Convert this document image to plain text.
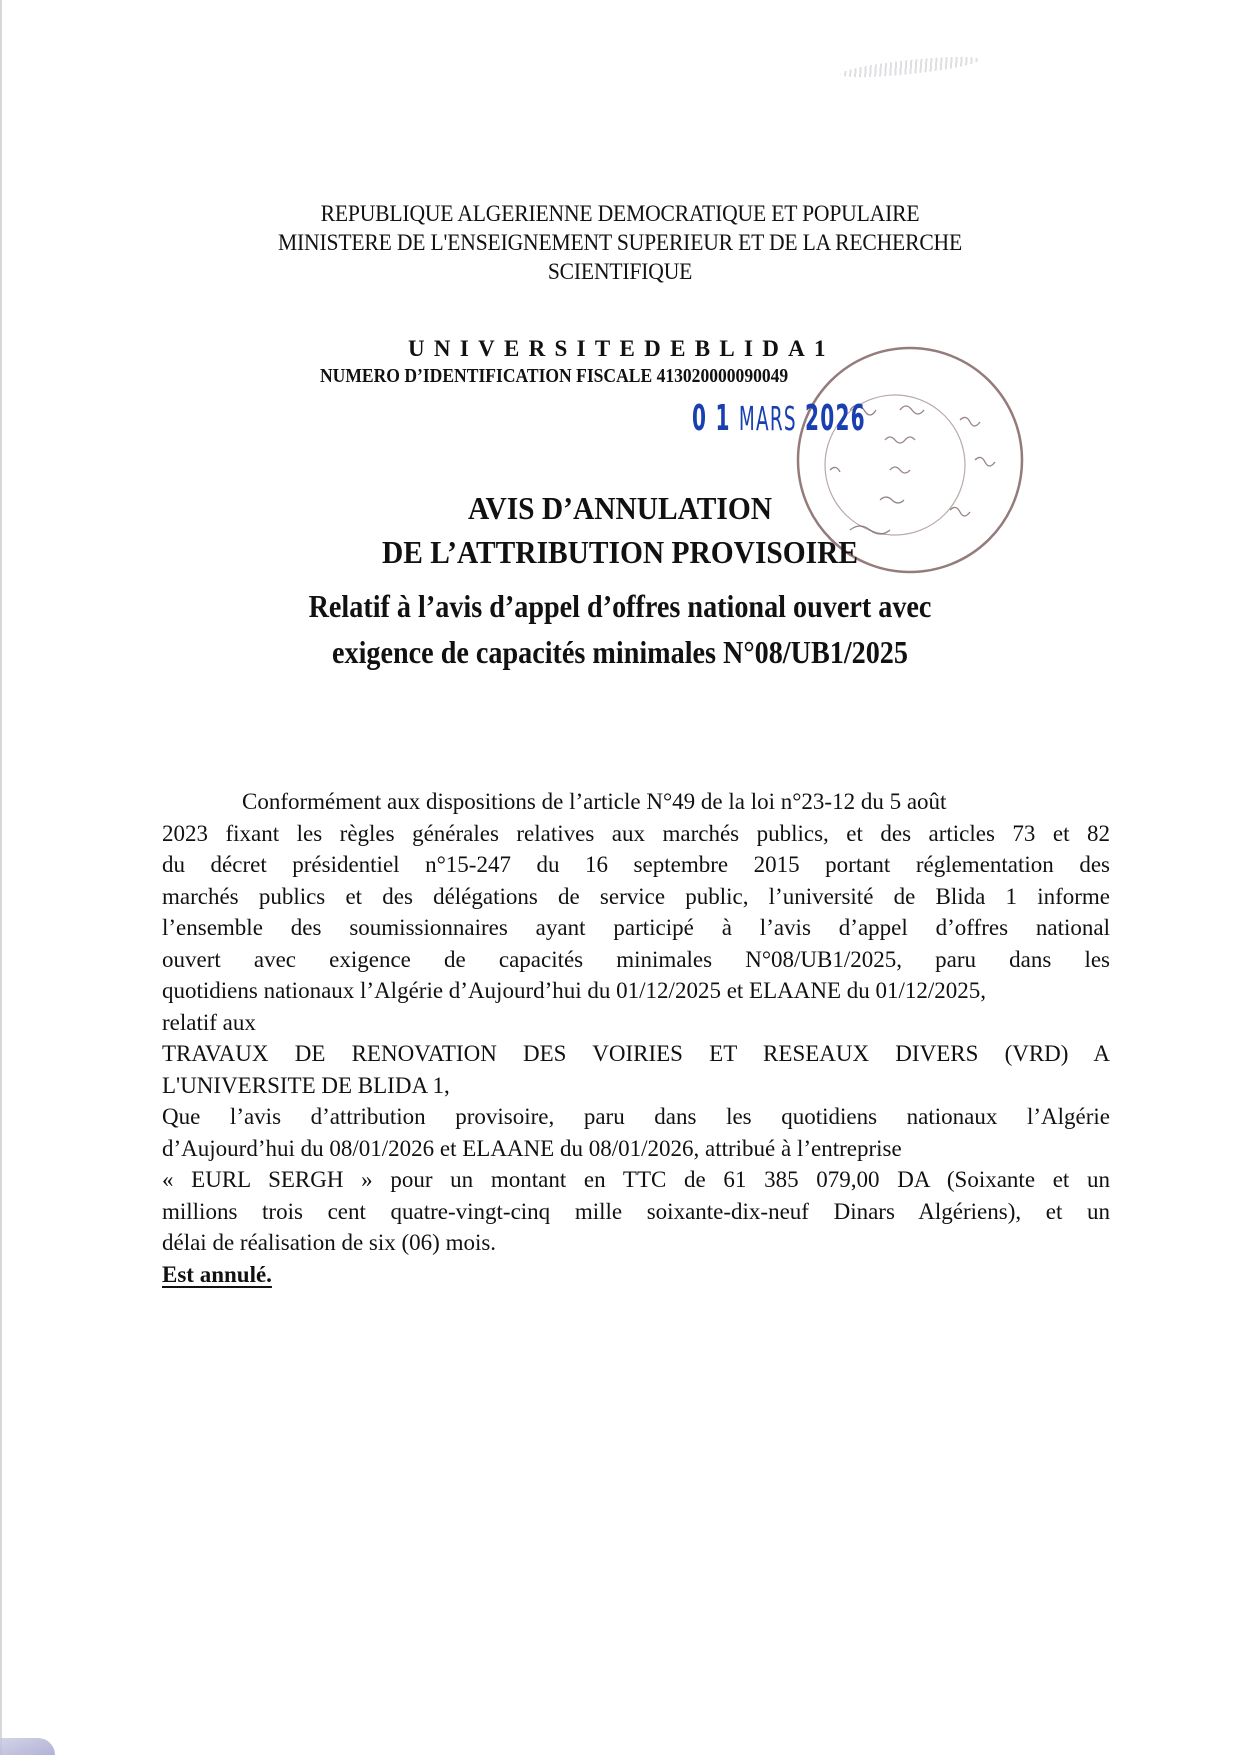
REPUBLIQUE ALGERIENNE DEMOCRATIQUE ET POPULAIRE
MINISTERE DE L'ENSEIGNEMENT SUPERIEUR ET DE LA RECHERCHE
SCIENTIFIQUE
UNIVERSITEDEBLIDA1
NUMERO D’IDENTIFICATION FISCALE 413020000090049
0 1 MARS 2026
AVIS D’ANNULATION
DE L’ATTRIBUTION PROVISOIRE
Relatif à l’avis d’appel d’offres national ouvert avec
exigence de capacités minimales N°08/UB1/2025
Conformément aux dispositions de l’article N°49 de la loi n°23-12 du 5 août
2023 fixant les règles générales relatives aux marchés publics, et des articles 73 et 82
du décret présidentiel n°15-247 du 16 septembre 2015 portant réglementation des
marchés publics et des délégations de service public, l’université de Blida 1 informe
l’ensemble des soumissionnaires ayant participé à l’avis d’appel d’offres national
ouvert avec exigence de capacités minimales N°08/UB1/2025, paru dans les
quotidiens nationaux l’Algérie d’Aujourd’hui du 01/12/2025 et ELAANE du 01/12/2025,
relatif aux
TRAVAUX DE RENOVATION DES VOIRIES ET RESEAUX DIVERS (VRD) A
L'UNIVERSITE DE BLIDA 1,
Que l’avis d’attribution provisoire, paru dans les quotidiens nationaux l’Algérie
d’Aujourd’hui du 08/01/2026 et ELAANE du 08/01/2026, attribué à l’entreprise
« EURL SERGH » pour un montant en TTC de 61 385 079,00 DA (Soixante et un
millions trois cent quatre-vingt-cinq mille soixante-dix-neuf Dinars Algériens), et un
délai de réalisation de six (06) mois.
Est annulé.
